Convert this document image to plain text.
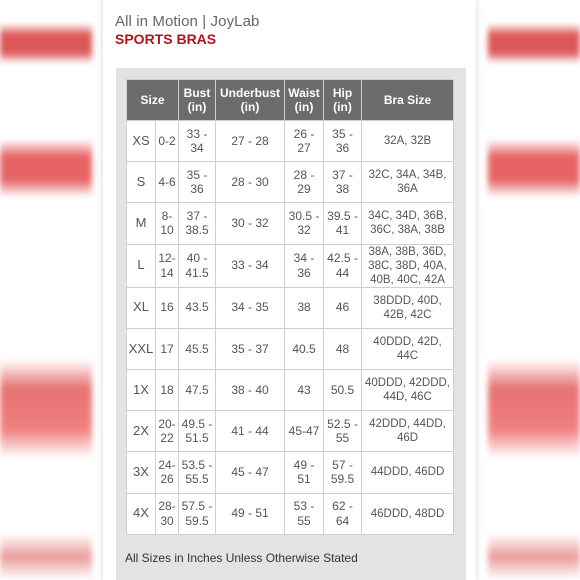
All in Motion | JoyLab
SPORTS BRAS
Size		Bust (in)	Underbust (in)	Waist (in)	Hip (in)	Bra Size
XS	0-2	33 - 34	27 - 28	26 - 27	35 - 36	32A, 32B
S	4-6	35 - 36	28 - 30	28 - 29	37 - 38	32C, 34A, 34B, 36A
M	8-10	37 - 38.5	30 - 32	30.5 - 32	39.5 - 41	34C, 34D, 36B, 36C, 38A, 38B
L	12-14	40 - 41.5	33 - 34	34 - 36	42.5 - 44	38A, 38B, 36D, 38C, 38D, 40A, 40B, 40C, 42A
XL	16	43.5	34 - 35	38	46	38DDD, 40D, 42B, 42C
XXL	17	45.5	35 - 37	40.5	48	40DDD, 42D, 44C
1X	18	47.5	38 - 40	43	50.5	40DDD, 42DDD, 44D, 46C
2X	20-22	49.5 - 51.5	41 - 44	45-47	52.5 - 55	42DDD, 44DD, 46D
3X	24-26	53.5 - 55.5	45 - 47	49 - 51	57 - 59.5	44DDD, 46DD
4X	28-30	57.5 - 59.5	49 - 51	53 - 55	62 - 64	46DDD, 48DD
All Sizes in Inches Unless Otherwise Stated
